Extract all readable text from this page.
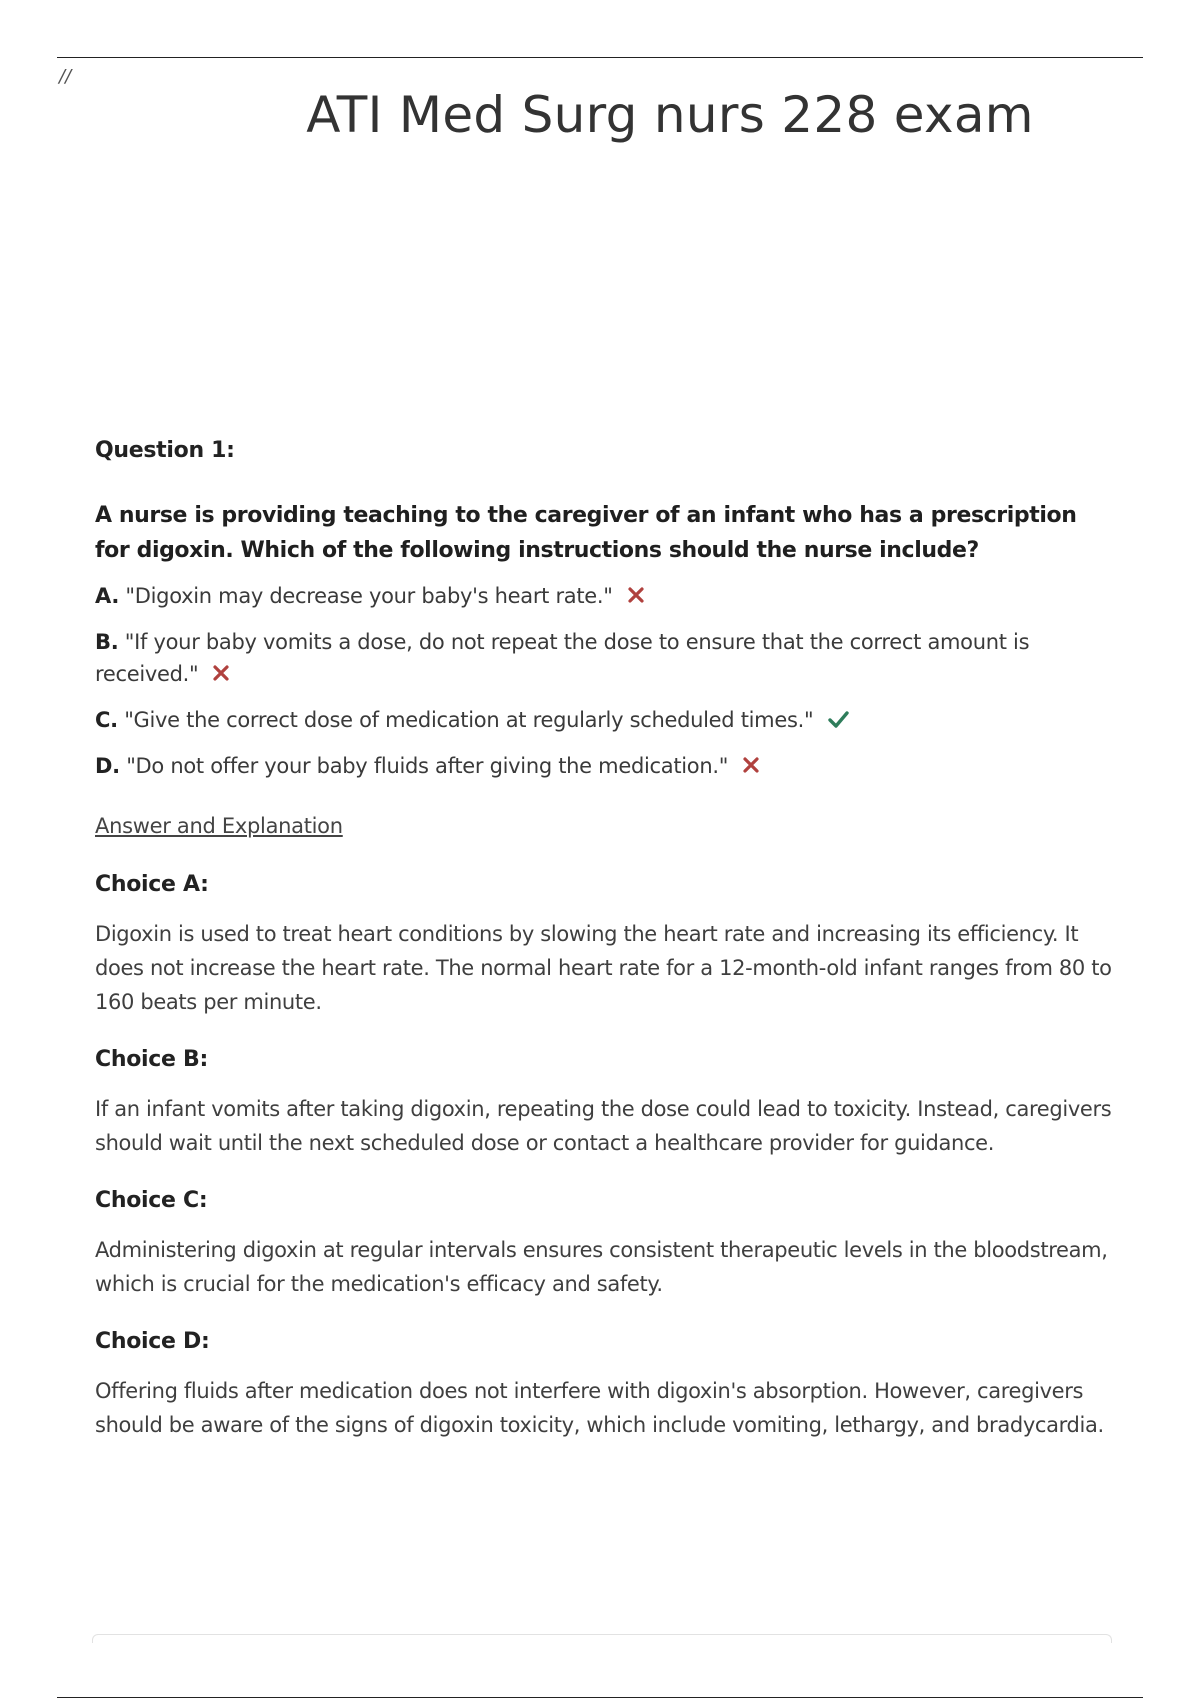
//
ATI Med Surg nurs 228 exam

Question 1:

A nurse is providing teaching to the caregiver of an infant who has a prescription for digoxin. Which of the following instructions should the nurse include?

A. "Digoxin may decrease your baby's heart rate."
B. "If your baby vomits a dose, do not repeat the dose to ensure that the correct amount is received."
C. "Give the correct dose of medication at regularly scheduled times."
D. "Do not offer your baby fluids after giving the medication."
Answer and Explanation

Choice A:

Digoxin is used to treat heart conditions by slowing the heart rate and increasing its efficiency. It does not increase the heart rate. The normal heart rate for a 12-month-old infant ranges from 80 to 160 beats per minute.

Choice B:

If an infant vomits after taking digoxin, repeating the dose could lead to toxicity. Instead, caregivers should wait until the next scheduled dose or contact a healthcare provider for guidance.

Choice C:

Administering digoxin at regular intervals ensures consistent therapeutic levels in the bloodstream, which is crucial for the medication's efficacy and safety.

Choice D:

Offering fluids after medication does not interfere with digoxin's absorption. However, caregivers should be aware of the signs of digoxin toxicity, which include vomiting, lethargy, and bradycardia.
